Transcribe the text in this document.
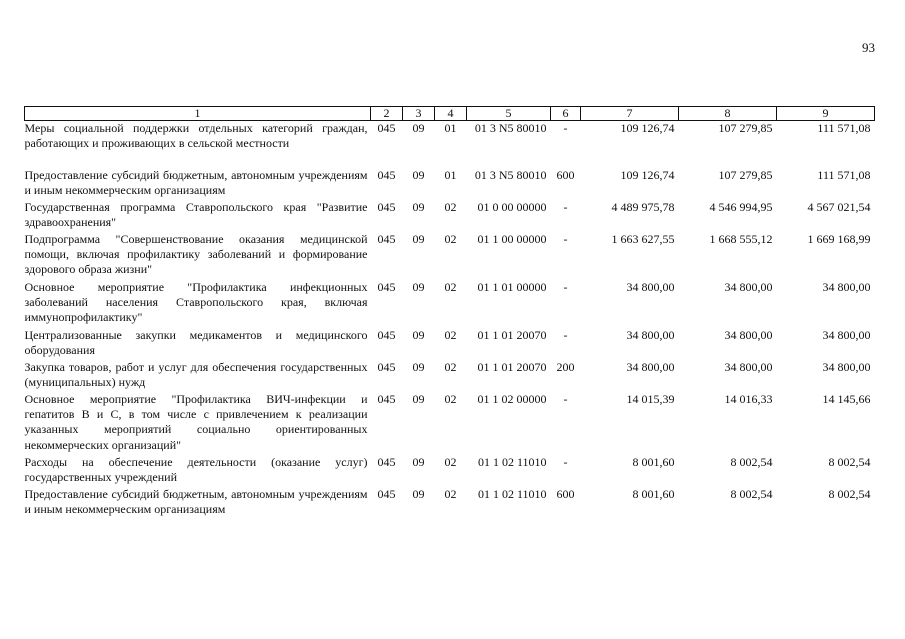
93
1	2	3	4	5	6	7	8	9
Меры социальной поддержки отдельных категорий граждан, работающих и проживающих в сельской местности	045	09	01	01 3 N5 80010	-	109 126,74	107 279,85	111 571,08
Предоставление субсидий бюджетным, автономным учреждениям и иным некоммерческим организациям	045	09	01	01 3 N5 80010	600	109 126,74	107 279,85	111 571,08
Государственная программа Ставропольского края "Развитие здравоохранения"	045	09	02	01 0 00 00000	-	4 489 975,78	4 546 994,95	4 567 021,54
Подпрограмма "Совершенствование оказания медицинской помощи, включая профилактику заболеваний и формирование здорового образа жизни"	045	09	02	01 1 00 00000	-	1 663 627,55	1 668 555,12	1 669 168,99
Основное мероприятие "Профилактика инфекционных заболеваний населения Ставропольского края, включая иммунопрофилактику"	045	09	02	01 1 01 00000	-	34 800,00	34 800,00	34 800,00
Централизованные закупки медикаментов и медицинского оборудования	045	09	02	01 1 01 20070	-	34 800,00	34 800,00	34 800,00
Закупка товаров, работ и услуг для обеспечения государственных (муниципальных) нужд	045	09	02	01 1 01 20070	200	34 800,00	34 800,00	34 800,00
Основное мероприятие "Профилактика ВИЧ-инфекции и гепатитов В и С, в том числе с привлечением к реализации указанных мероприятий социально ориентированных некоммерческих организаций"	045	09	02	01 1 02 00000	-	14 015,39	14 016,33	14 145,66
Расходы на обеспечение деятельности (оказание услуг) государственных учреждений	045	09	02	01 1 02 11010	-	8 001,60	8 002,54	8 002,54
Предоставление субсидий бюджетным, автономным учреждениям и иным некоммерческим организациям	045	09	02	01 1 02 11010	600	8 001,60	8 002,54	8 002,54
